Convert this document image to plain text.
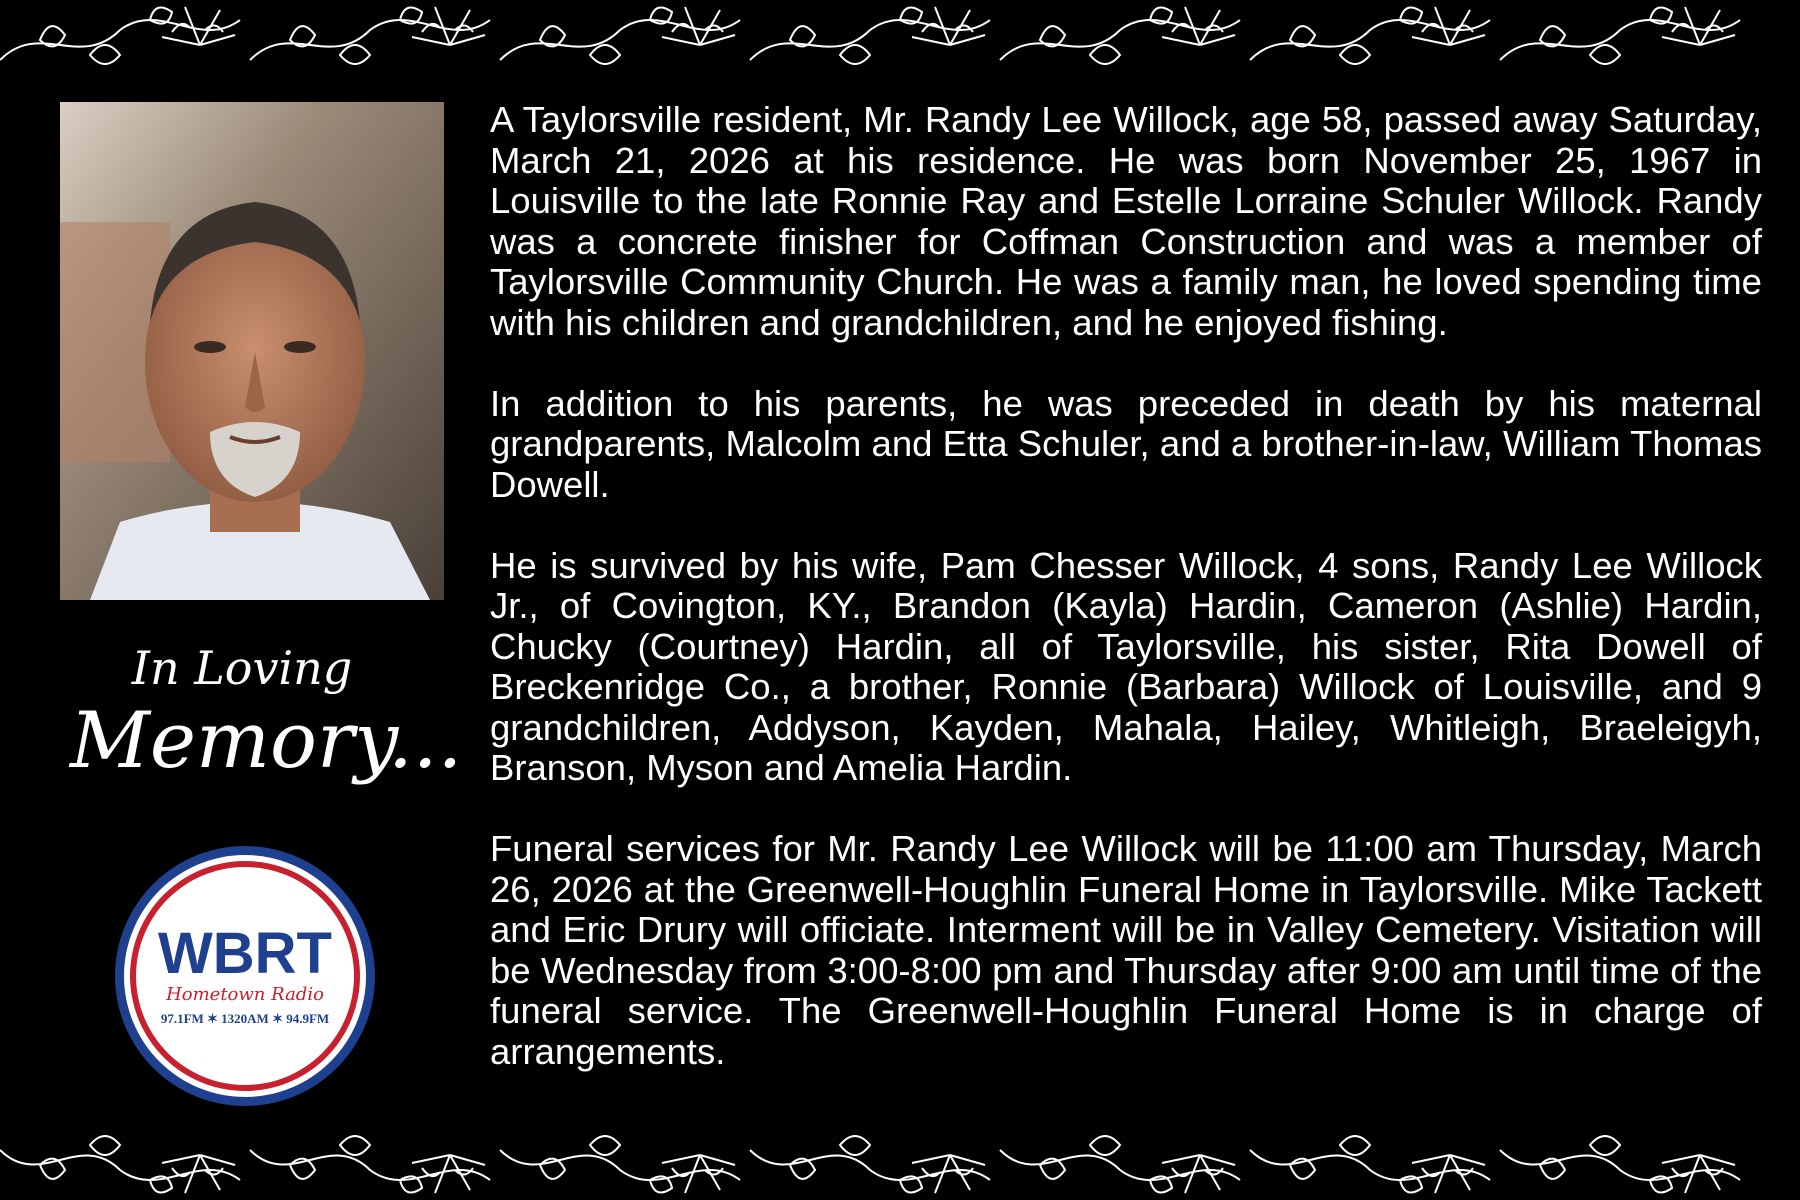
In Loving
Memory...
WBRT
Hometown Radio
97.1FM ✶ 1320AM ✶ 94.9FM

A Taylorsville resident, Mr. Randy Lee Willock, age 58, passed away Saturday, March 21, 2026 at his residence. He was born November 25, 1967 in Louisville to the late Ronnie Ray and Estelle Lorraine Schuler Willock. Randy was a concrete finisher for Coffman Construction and was a member of Taylorsville Community Church. He was a family man, he loved spending time with his children and grandchildren, and he enjoyed fishing.

In addition to his parents, he was preceded in death by his maternal grandparents, Malcolm and Etta Schuler, and a brother-in-law, William Thomas Dowell.

He is survived by his wife, Pam Chesser Willock, 4 sons, Randy Lee Willock Jr., of Covington, KY., Brandon (Kayla) Hardin, Cameron (Ashlie) Hardin, Chucky (Courtney) Hardin, all of Taylorsville, his sister, Rita Dowell of Breckenridge Co., a brother, Ronnie (Barbara) Willock of Louisville, and 9 grandchildren, Addyson, Kayden, Mahala, Hailey, Whitleigh, Braeleigyh, Branson, Myson and Amelia Hardin.

Funeral services for Mr. Randy Lee Willock will be 11:00 am Thursday, March 26, 2026 at the Greenwell-Houghlin Funeral Home in Taylorsville. Mike Tackett and Eric Drury will officiate. Interment will be in Valley Cemetery. Visitation will be Wednesday from 3:00-8:00 pm and Thursday after 9:00 am until time of the funeral service. The Greenwell-Houghlin Funeral Home is in charge of arrangements.
